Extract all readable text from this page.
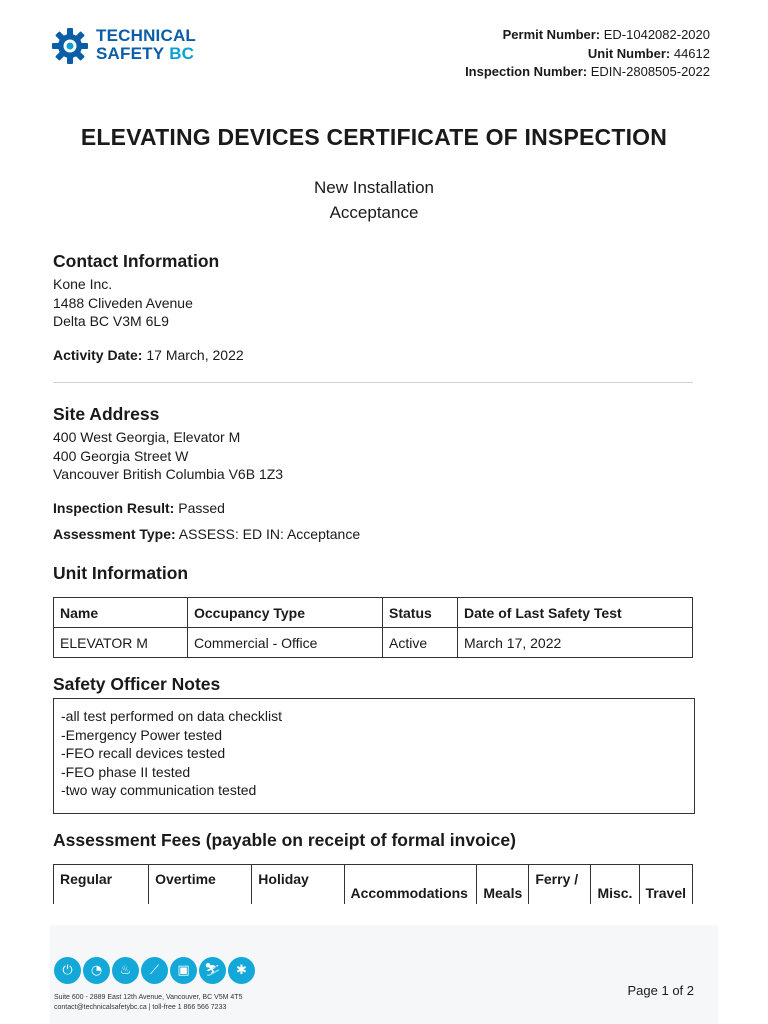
TECHNICAL
SAFETY BC
Permit Number: ED-1042082-2020
Unit Number: 44612
Inspection Number: EDIN-2808505-2022
ELEVATING DEVICES CERTIFICATE OF INSPECTION
New Installation
Acceptance
Contact Information
Kone Inc.
1488 Cliveden Avenue
Delta BC V3M 6L9
Activity Date: 17 March, 2022
Site Address
400 West Georgia, Elevator M
400 Georgia Street W
Vancouver British Columbia V6B 1Z3
Inspection Result: Passed
Assessment Type: ASSESS: ED IN: Acceptance
Unit Information
Name	Occupancy Type	Status	Date of Last Safety Test
ELEVATOR M	Commercial - Office	Active	March 17, 2022
Safety Officer Notes
-all test performed on data checklist
-Emergency Power tested
-FEO recall devices tested
-FEO phase II tested
-two way communication tested
Assessment Fees (payable on receipt of formal invoice)
Regular	Overtime	Holiday	Accommodations	Meals	Ferry /	Misc.	Travel
⏻	◔	♨	⟋	▣	⛷	✱
Suite 600 - 2889 East 12th Avenue, Vancouver, BC V5M 4T5
contact@technicalsafetybc.ca | toll-free 1 866 566 7233
Page 1 of 2
